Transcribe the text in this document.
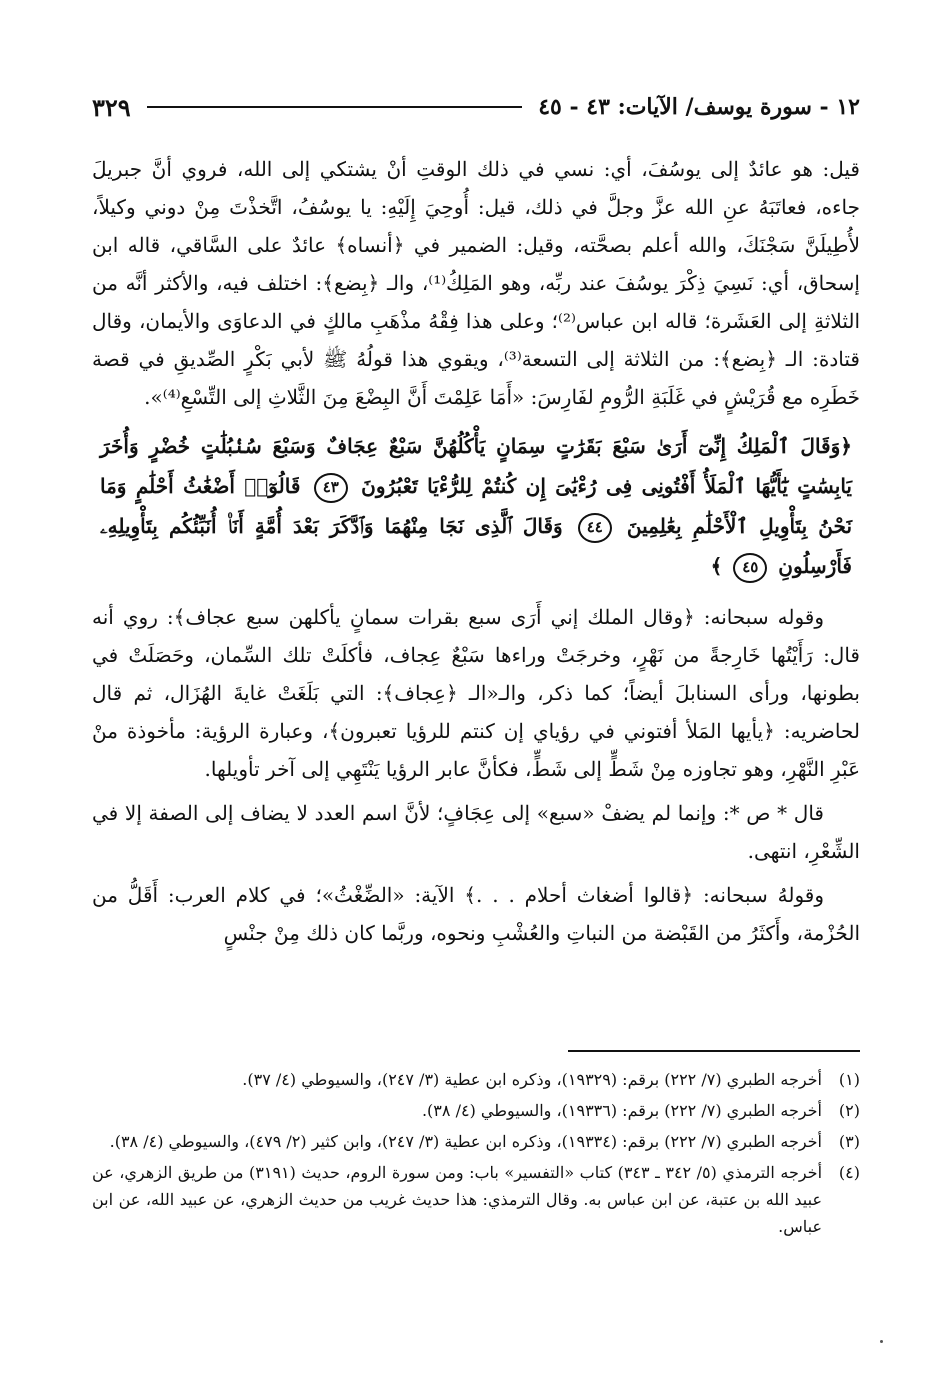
١٢ - سورة يوسف/ الآيات: ٤٣ - ٤٥
٣٢٩

قيل: هو عائدٌ إلى يوسُفَ، أي: نسي في ذلك الوقتِ أنْ يشتكي إلى الله، فروي أنَّ جبريلَ جاءه، فعاتَبَهُ عنِ الله عزَّ وجلَّ في ذلك، قيل: أُوحِيَ إِلَيْهِ: يا يوسُفُ، اتَّخذْتَ مِنْ دوني وكيلاً، لأُطِيلَنَّ سَجْنَكَ، والله أعلم بصحَّته، وقيل: الضمير في ﴿أنساه﴾ عائدٌ على السَّاقي، قاله ابن إسحاق، أي: نَسِيَ ذِكْرَ يوسُفَ عند ربِّه، وهو المَلِكُ⁽¹⁾، والـ ﴿بِضع﴾: اختلف فيه، والأكثر أنَّه من الثلاثةِ إلى العَشَرة؛ قاله ابن عباس⁽²⁾؛ وعلى هذا فِقْهُ مذْهَبِ مالكٍ في الدعاوَى والأيمان، وقال قتادة: الـ ﴿بِضع﴾: من الثلاثة إلى التسعة⁽³⁾، ويقوي هذا قولُهُ ﷺ لأبي بَكْرٍ الصِّديقِ في قصة خَطَرِه مع قُرَيْشٍ في غَلَبَةِ الرُّومِ لفَارِسَ: «أَمَا عَلِمْتَ أَنَّ البِضْعَ مِنَ الثَّلاثِ إلى التِّسْعِ⁽⁴⁾».

﴿وَقَالَ ٱلْمَلِكُ إِنِّىٓ أَرَىٰ سَبْعَ بَقَرَٰتٍ سِمَانٍ يَأْكُلُهُنَّ سَبْعٌ عِجَافٌ وَسَبْعَ سُنۢبُلَٰتٍ خُضْرٍ وَأُخَرَ يَابِسَٰتٍ يَٰٓأَيُّهَا ٱلْمَلَأُ أَفْتُونِى فِى رُءْيَٰىَ إِن كُنتُمْ لِلرُّءْيَا تَعْبُرُونَ ٤٣ قَالُوٓا۟ أَضْغَٰثُ أَحْلَٰمٍ وَمَا نَحْنُ بِتَأْوِيلِ ٱلْأَحْلَٰمِ بِعَٰلِمِينَ ٤٤ وَقَالَ ٱلَّذِى نَجَا مِنْهُمَا وَٱدَّكَرَ بَعْدَ أُمَّةٍ أَنَا۠ أُنَبِّئُكُم بِتَأْوِيلِهِۦ فَأَرْسِلُونِ ٤٥ ﴾

وقوله سبحانه: ﴿وقال الملك إني أَرَى سبع بقرات سمانٍ يأكلهن سبع عجاف﴾: روي أنه قال: رَأَيْتُها خَارِجةً من نَهْرٍ، وخرجَتْ وراءها سَبْعٌ عِجاف، فأكلَتْ تلك السِّمان، وحَصَلَتْ في بطونها، ورأى السنابلَ أيضاً؛ كما ذكر، والـ«الـ ﴿عِجاف﴾: التي بَلَغَتْ غايةَ الهُزَال، ثم قال لحاضريه: ﴿يأيها المَلأ أفتوني في رؤياي إن كنتم للرؤيا تعبرون﴾، وعبارة الرؤية: مأخوذة منْ عَبْرِ النَّهْرِ، وهو تجاوزه مِنْ شَطٍّ إلى شَطٍّ، فكأنَّ عابر الرؤيا يَنْتَهِي إلى آخر تأويلها.

قال * ص *: وإنما لم يضفْ «سبع» إلى عِجَافٍ؛ لأنَّ اسم العدد لا يضاف إلى الصفة إلا في الشِّعْرِ، انتهى.

وقولهُ سبحانه: ﴿قالوا أضغاث أحلام . . .﴾ الآية: «الضِّغْثُ»؛ في كلام العرب: أَقَلُّ من الحُزْمة، وأَكثَرُ من القَبْضة من النباتِ والعُشْبِ ونحوه، وربَّما كان ذلك مِنْ جنْسٍ

(١)
أخرجه الطبري (٧/ ٢٢٢) برقم: (١٩٣٢٩)، وذكره ابن عطية (٣/ ٢٤٧)، والسيوطي (٤/ ٣٧).
(٢)
أخرجه الطبري (٧/ ٢٢٢) برقم: (١٩٣٣٦)، والسيوطي (٤/ ٣٨).
(٣)
أخرجه الطبري (٧/ ٢٢٢) برقم: (١٩٣٣٤)، وذكره ابن عطية (٣/ ٢٤٧)، وابن كثير (٢/ ٤٧٩)، والسيوطي (٤/ ٣٨).
(٤)
أخرجه الترمذي (٥/ ٣٤٢ ـ ٣٤٣) كتاب «التفسير» باب: ومن سورة الروم، حديث (٣١٩١) من طريق الزهري، عن عبيد الله بن عتبة، عن ابن عباس به. وقال الترمذي: هذا حديث غريب من حديث الزهري، عن عبيد الله، عن ابن عباس.
